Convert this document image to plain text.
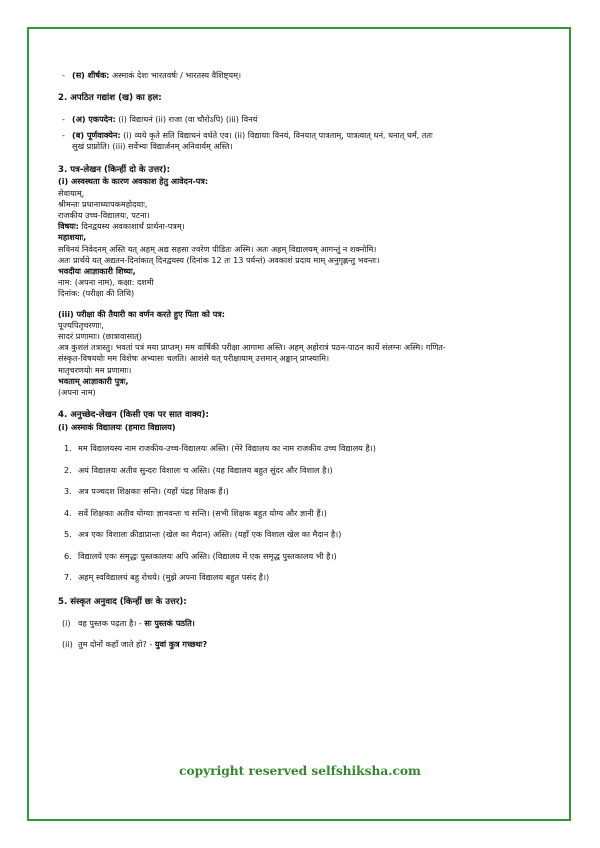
- (स) शीर्षक: अस्माकं देशः भारतवर्षः / भारतस्य वैशिष्ट्यम्।
2. अपठित गद्यांश (ख) का हल:
- (अ) एकपदेन: (i) विद्याधनं (ii) राजा (वा चौरोऽपि) (iii) विनयं
- (ब) पूर्णवाक्येन: (i) व्यये कृते सति विद्याधनं वर्धते एव। (ii) विद्यायाः विनयं, विनयात् पात्रताम्, पात्रत्वात् धनं, धनात् धर्मं, ततः
सुखं प्राप्नोति। (iii) सर्वेभ्यः विद्यार्जनम् अनिवार्यम् अस्ति।
3. पत्र-लेखन (किन्हीं दो के उत्तर):
(i) अस्वस्थता के कारण अवकाश हेतु आवेदन-पत्र:
सेवायाम्,
श्रीमन्तः प्रधानाध्यापकमहोदयाः,
राजकीय उच्च-विद्यालयः, पटना।
विषयः: दिनद्वयस्य अवकाशार्थं प्रार्थना-पत्रम्।
महाशयाः,
सविनयं निवेदनम् अस्ति यत् अहम् अद्य सहसा ज्वरेण पीडितः अस्मि। अतः अहम् विद्यालयम् आगन्तुं न शक्नोमि।
अतः प्रार्थये यत् अद्यतन-दिनांकात् दिनद्वयस्य (दिनांक 12 तः 13 पर्यन्तं) अवकाशं प्रदाय माम् अनुगृह्णन्तु भवन्तः।
भवदीयः आज्ञाकारी शिष्यः,
नाम: (अपना नाम), कक्षा: दशमी
दिनांक: (परीक्षा की तिथि)
(iii) परीक्षा की तैयारी का वर्णन करते हुए पिता को पत्र:
पूज्यपितृचरणाः,
सादरं प्रणामाः। (छात्रावासात्)
अत्र कुशलं तत्रास्तु। भवतां पत्रं मया प्राप्तम्। मम वार्षिकी परीक्षा आगामा अस्ति। अहम् अहोरात्रं पठन-पाठन कार्ये संलग्नः अस्मि। गणित-
संस्कृत-विषययोः मम विशेषः अभ्यासः चलति। आशंसे यत् परीक्षायाम् उत्तमान् अङ्कान् प्राप्स्यामि।
मातृचरणयोः मम प्रणामाः।
भवताम् आज्ञाकारी पुत्रः,
(अपना नाम)
4. अनुच्छेद-लेखन (किसी एक पर सात वाक्य):
(i) अस्माकं विद्यालयः (हमारा विद्यालय)
1. मम विद्यालयस्य नाम राजकीय-उच्च-विद्यालयः अस्ति। (मेरे विद्यालय का नाम राजकीय उच्च विद्यालय है।)
2. अयं विद्यालयः अतीव सुन्दरः विशालः च अस्ति। (यह विद्यालय बहुत सुंदर और विशाल है।)
3. अत्र पञ्चदश शिक्षकाः सन्ति। (यहाँ पंद्रह शिक्षक हैं।)
4. सर्वे शिक्षकाः अतीव योग्याः ज्ञानवन्तः च सन्ति। (सभी शिक्षक बहुत योग्य और ज्ञानी हैं।)
5. अत्र एकः विशालः क्रीडाप्रान्तः (खेल का मैदान) अस्ति। (यहाँ एक विशाल खेल का मैदान है।)
6. विद्यालये एकः समृद्धः पुस्तकालयः अपि अस्ति। (विद्यालय में एक समृद्ध पुस्तकालय भी है।)
7. अहम् स्वविद्यालयं बहु रोचये। (मुझे अपना विद्यालय बहुत पसंद है।)
5. संस्कृत अनुवाद (किन्हीं छः के उत्तर):
(i) वह पुस्तक पढ़ता है। - सः पुस्तकं पठति।
(ii) तुम दोनों कहाँ जाते हो? - युवां कुत्र गच्छथः?
copyright reserved selfshiksha.com
